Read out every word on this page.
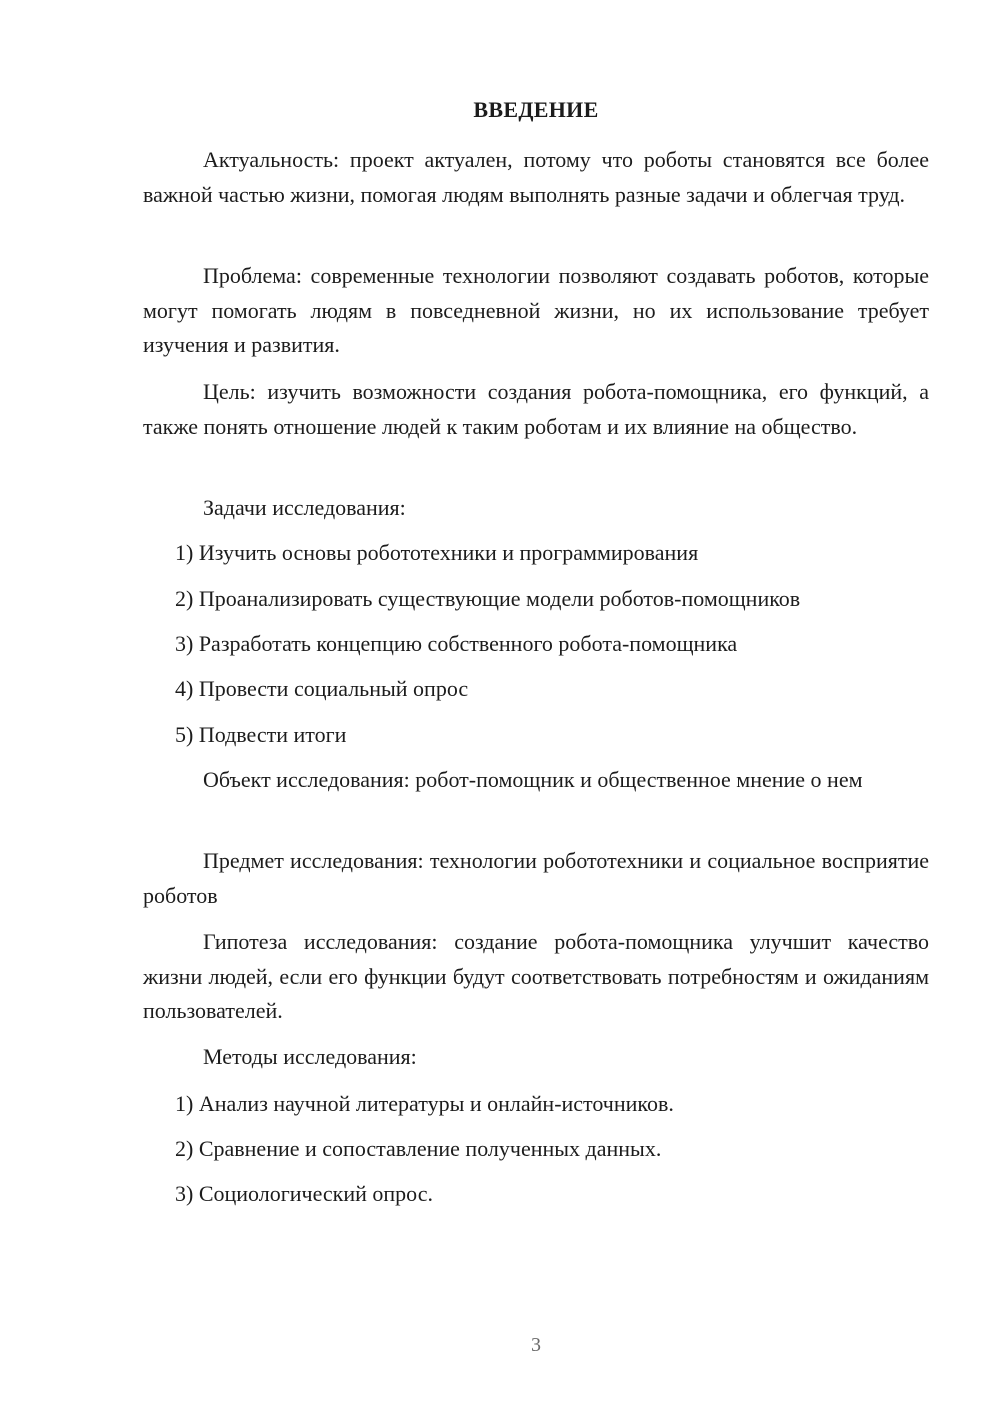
ВВЕДЕНИЕ

Актуальность: проект актуален, потому что роботы становятся все более важной частью жизни, помогая людям выполнять разные задачи и облегчая труд.

Проблема: современные технологии позволяют создавать роботов, которые могут помогать людям в повседневной жизни, но их использование требует изучения и развития.

Цель: изучить возможности создания робота-помощника, его функций, а также понять отношение людей к таким роботам и их влияние на общество.

Задачи исследования:

1) Изучить основы робототехники и программирования

2) Проанализировать существующие модели роботов-помощников

3) Разработать концепцию собственного робота-помощника

4) Провести социальный опрос

5) Подвести итоги

Объект исследования: робот-помощник и общественное мнение о нем

Предмет исследования: технологии робототехники и социальное восприятие роботов

Гипотеза исследования: создание робота-помощника улучшит качество жизни людей, если его функции будут соответствовать потребностям и ожиданиям пользователей.

Методы исследования:

1) Анализ научной литературы и онлайн-источников.

2) Сравнение и сопоставление полученных данных.

3) Социологический опрос.

3
